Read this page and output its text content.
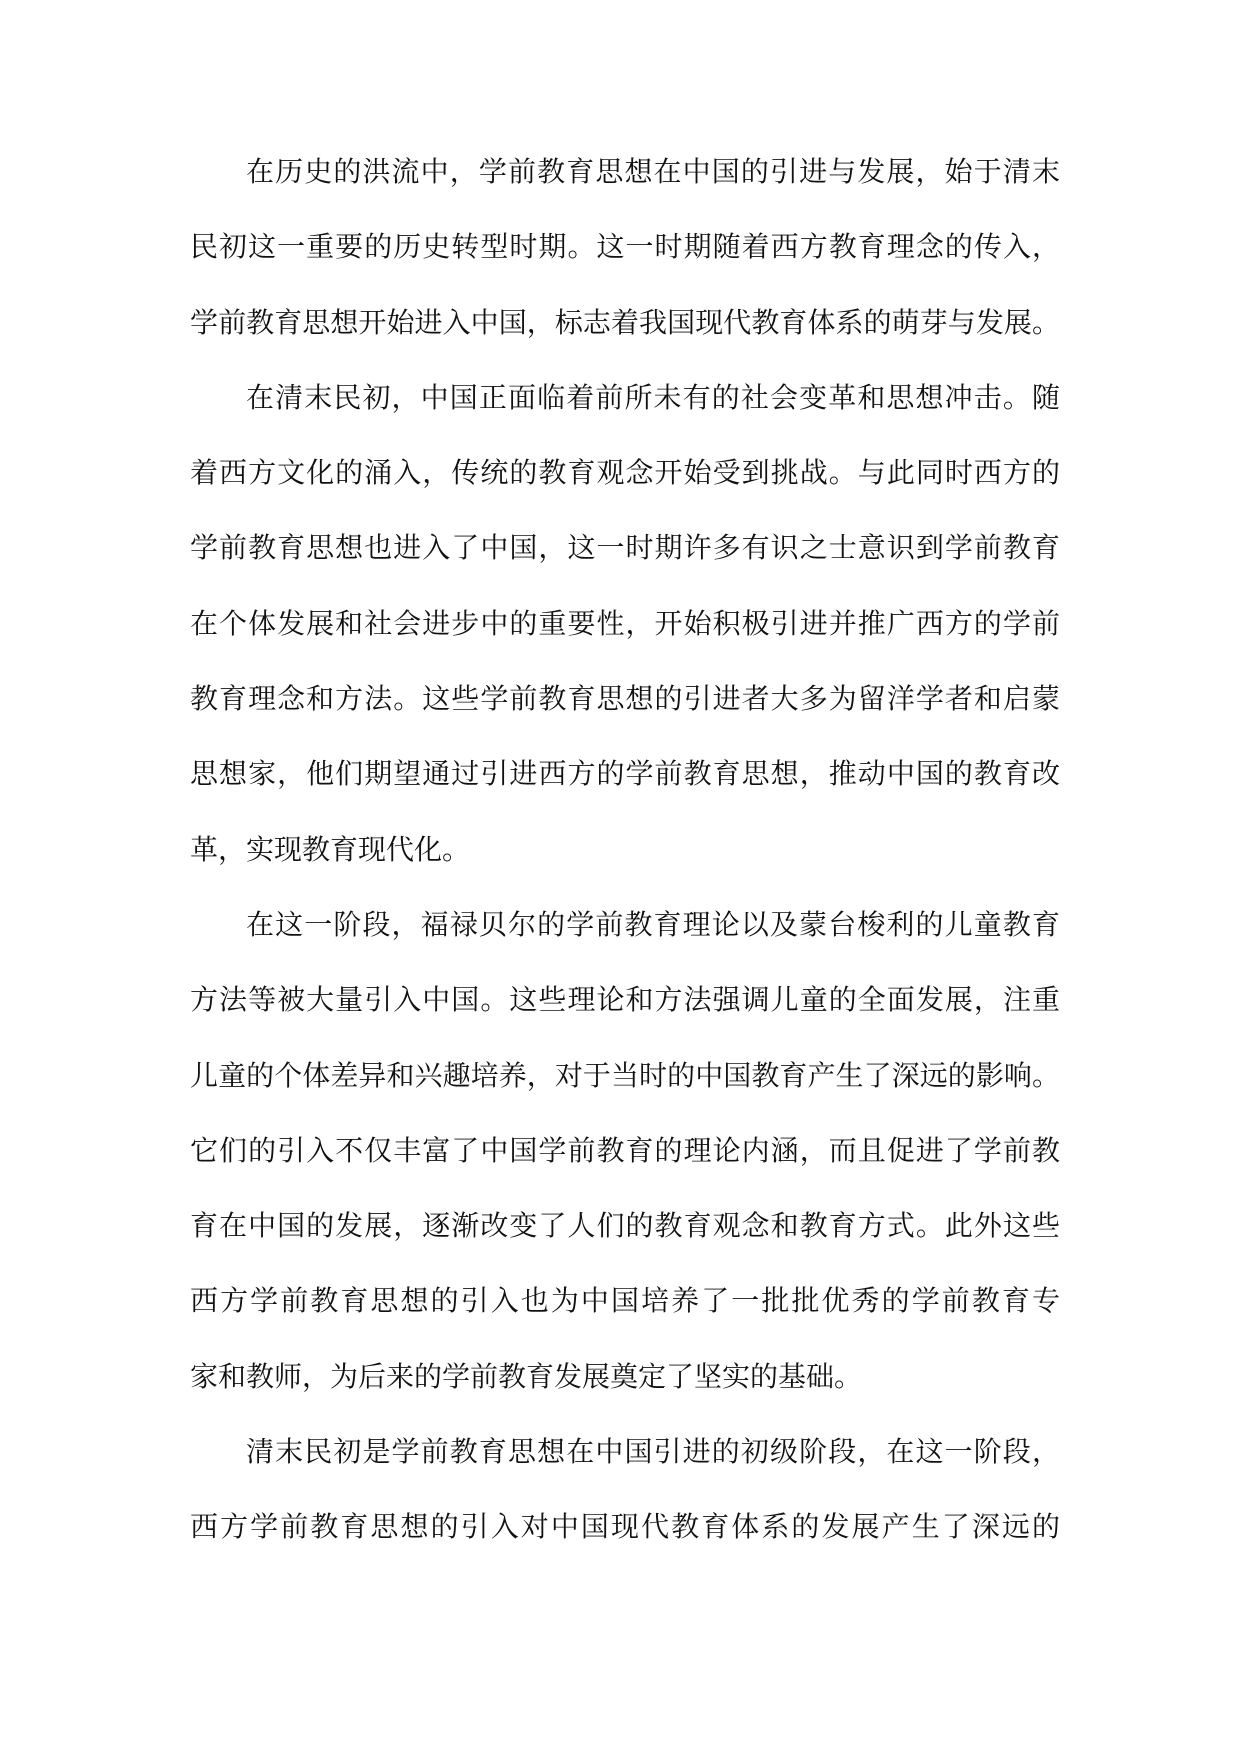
在历史的洪流中，学前教育思想在中国的引进与发展，始于清末
民初这一重要的历史转型时期。这一时期随着西方教育理念的传入，
学前教育思想开始进入中国，标志着我国现代教育体系的萌芽与发展。
在清末民初，中国正面临着前所未有的社会变革和思想冲击。随
着西方文化的涌入，传统的教育观念开始受到挑战。与此同时西方的
学前教育思想也进入了中国，这一时期许多有识之士意识到学前教育
在个体发展和社会进步中的重要性，开始积极引进并推广西方的学前
教育理念和方法。这些学前教育思想的引进者大多为留洋学者和启蒙
思想家，他们期望通过引进西方的学前教育思想，推动中国的教育改
革，实现教育现代化。
在这一阶段，福禄贝尔的学前教育理论以及蒙台梭利的儿童教育
方法等被大量引入中国。这些理论和方法强调儿童的全面发展，注重
儿童的个体差异和兴趣培养，对于当时的中国教育产生了深远的影响。
它们的引入不仅丰富了中国学前教育的理论内涵，而且促进了学前教
育在中国的发展，逐渐改变了人们的教育观念和教育方式。此外这些
西方学前教育思想的引入也为中国培养了一批批优秀的学前教育专
家和教师，为后来的学前教育发展奠定了坚实的基础。
清末民初是学前教育思想在中国引进的初级阶段，在这一阶段，
西方学前教育思想的引入对中国现代教育体系的发展产生了深远的
